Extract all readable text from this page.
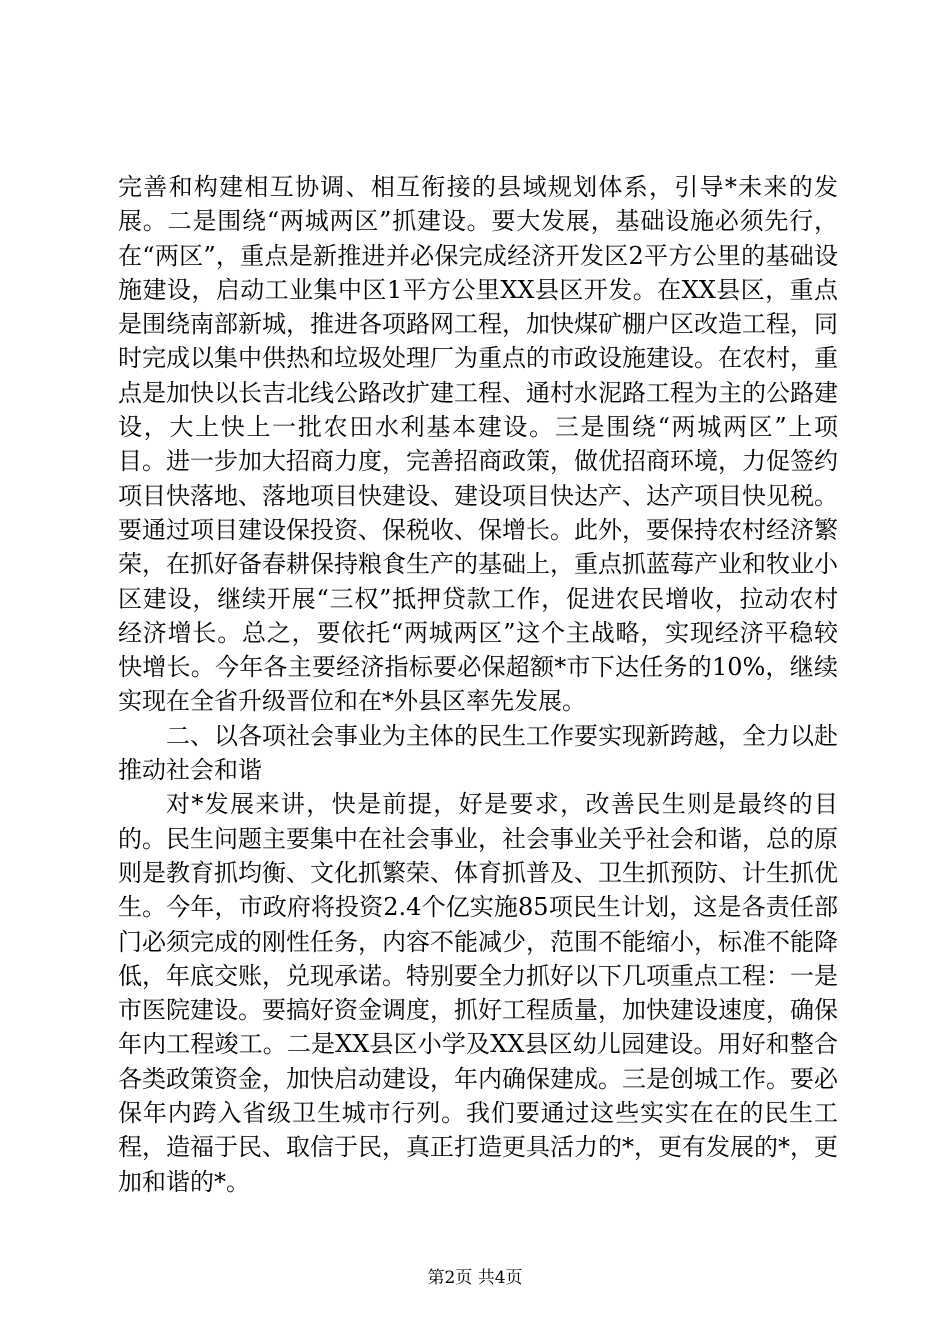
完善和构建相互协调、相互衔接的县域规划体系，引导*未来的发展。二是围绕“两城两区”抓建设。要大发展，基础设施必须先行，在“两区”，重点是新推进并必保完成经济开发区2平方公里的基础设施建设，启动工业集中区1平方公里XX县区开发。在XX县区，重点是围绕南部新城，推进各项路网工程，加快煤矿棚户区改造工程，同时完成以集中供热和垃圾处理厂为重点的市政设施建设。在农村，重点是加快以长吉北线公路改扩建工程、通村水泥路工程为主的公路建设，大上快上一批农田水利基本建设。三是围绕“两城两区”上项目。进一步加大招商力度，完善招商政策，做优招商环境，力促签约项目快落地、落地项目快建设、建设项目快达产、达产项目快见税。要通过项目建设保投资、保税收、保增长。此外，要保持农村经济繁荣，在抓好备春耕保持粮食生产的基础上，重点抓蓝莓产业和牧业小区建设，继续开展“三权”抵押贷款工作，促进农民增收，拉动农村经济增长。总之，要依托“两城两区”这个主战略，实现经济平稳较快增长。今年各主要经济指标要必保超额*市下达任务的10%，继续实现在全省升级晋位和在*外县区率先发展。

二、以各项社会事业为主体的民生工作要实现新跨越，全力以赴推动社会和谐

对*发展来讲，快是前提，好是要求，改善民生则是最终的目的。民生问题主要集中在社会事业，社会事业关乎社会和谐，总的原则是教育抓均衡、文化抓繁荣、体育抓普及、卫生抓预防、计生抓优生。今年，市政府将投资2.4个亿实施85项民生计划，这是各责任部门必须完成的刚性任务，内容不能减少，范围不能缩小，标准不能降低，年底交账，兑现承诺。特别要全力抓好以下几项重点工程：一是市医院建设。要搞好资金调度，抓好工程质量，加快建设速度，确保年内工程竣工。二是XX县区小学及XX县区幼儿园建设。用好和整合各类政策资金，加快启动建设，年内确保建成。三是创城工作。要必保年内跨入省级卫生城市行列。我们要通过这些实实在在的民生工程，造福于民、取信于民，真正打造更具活力的*，更有发展的*，更加和谐的*。

第2页 共4页
